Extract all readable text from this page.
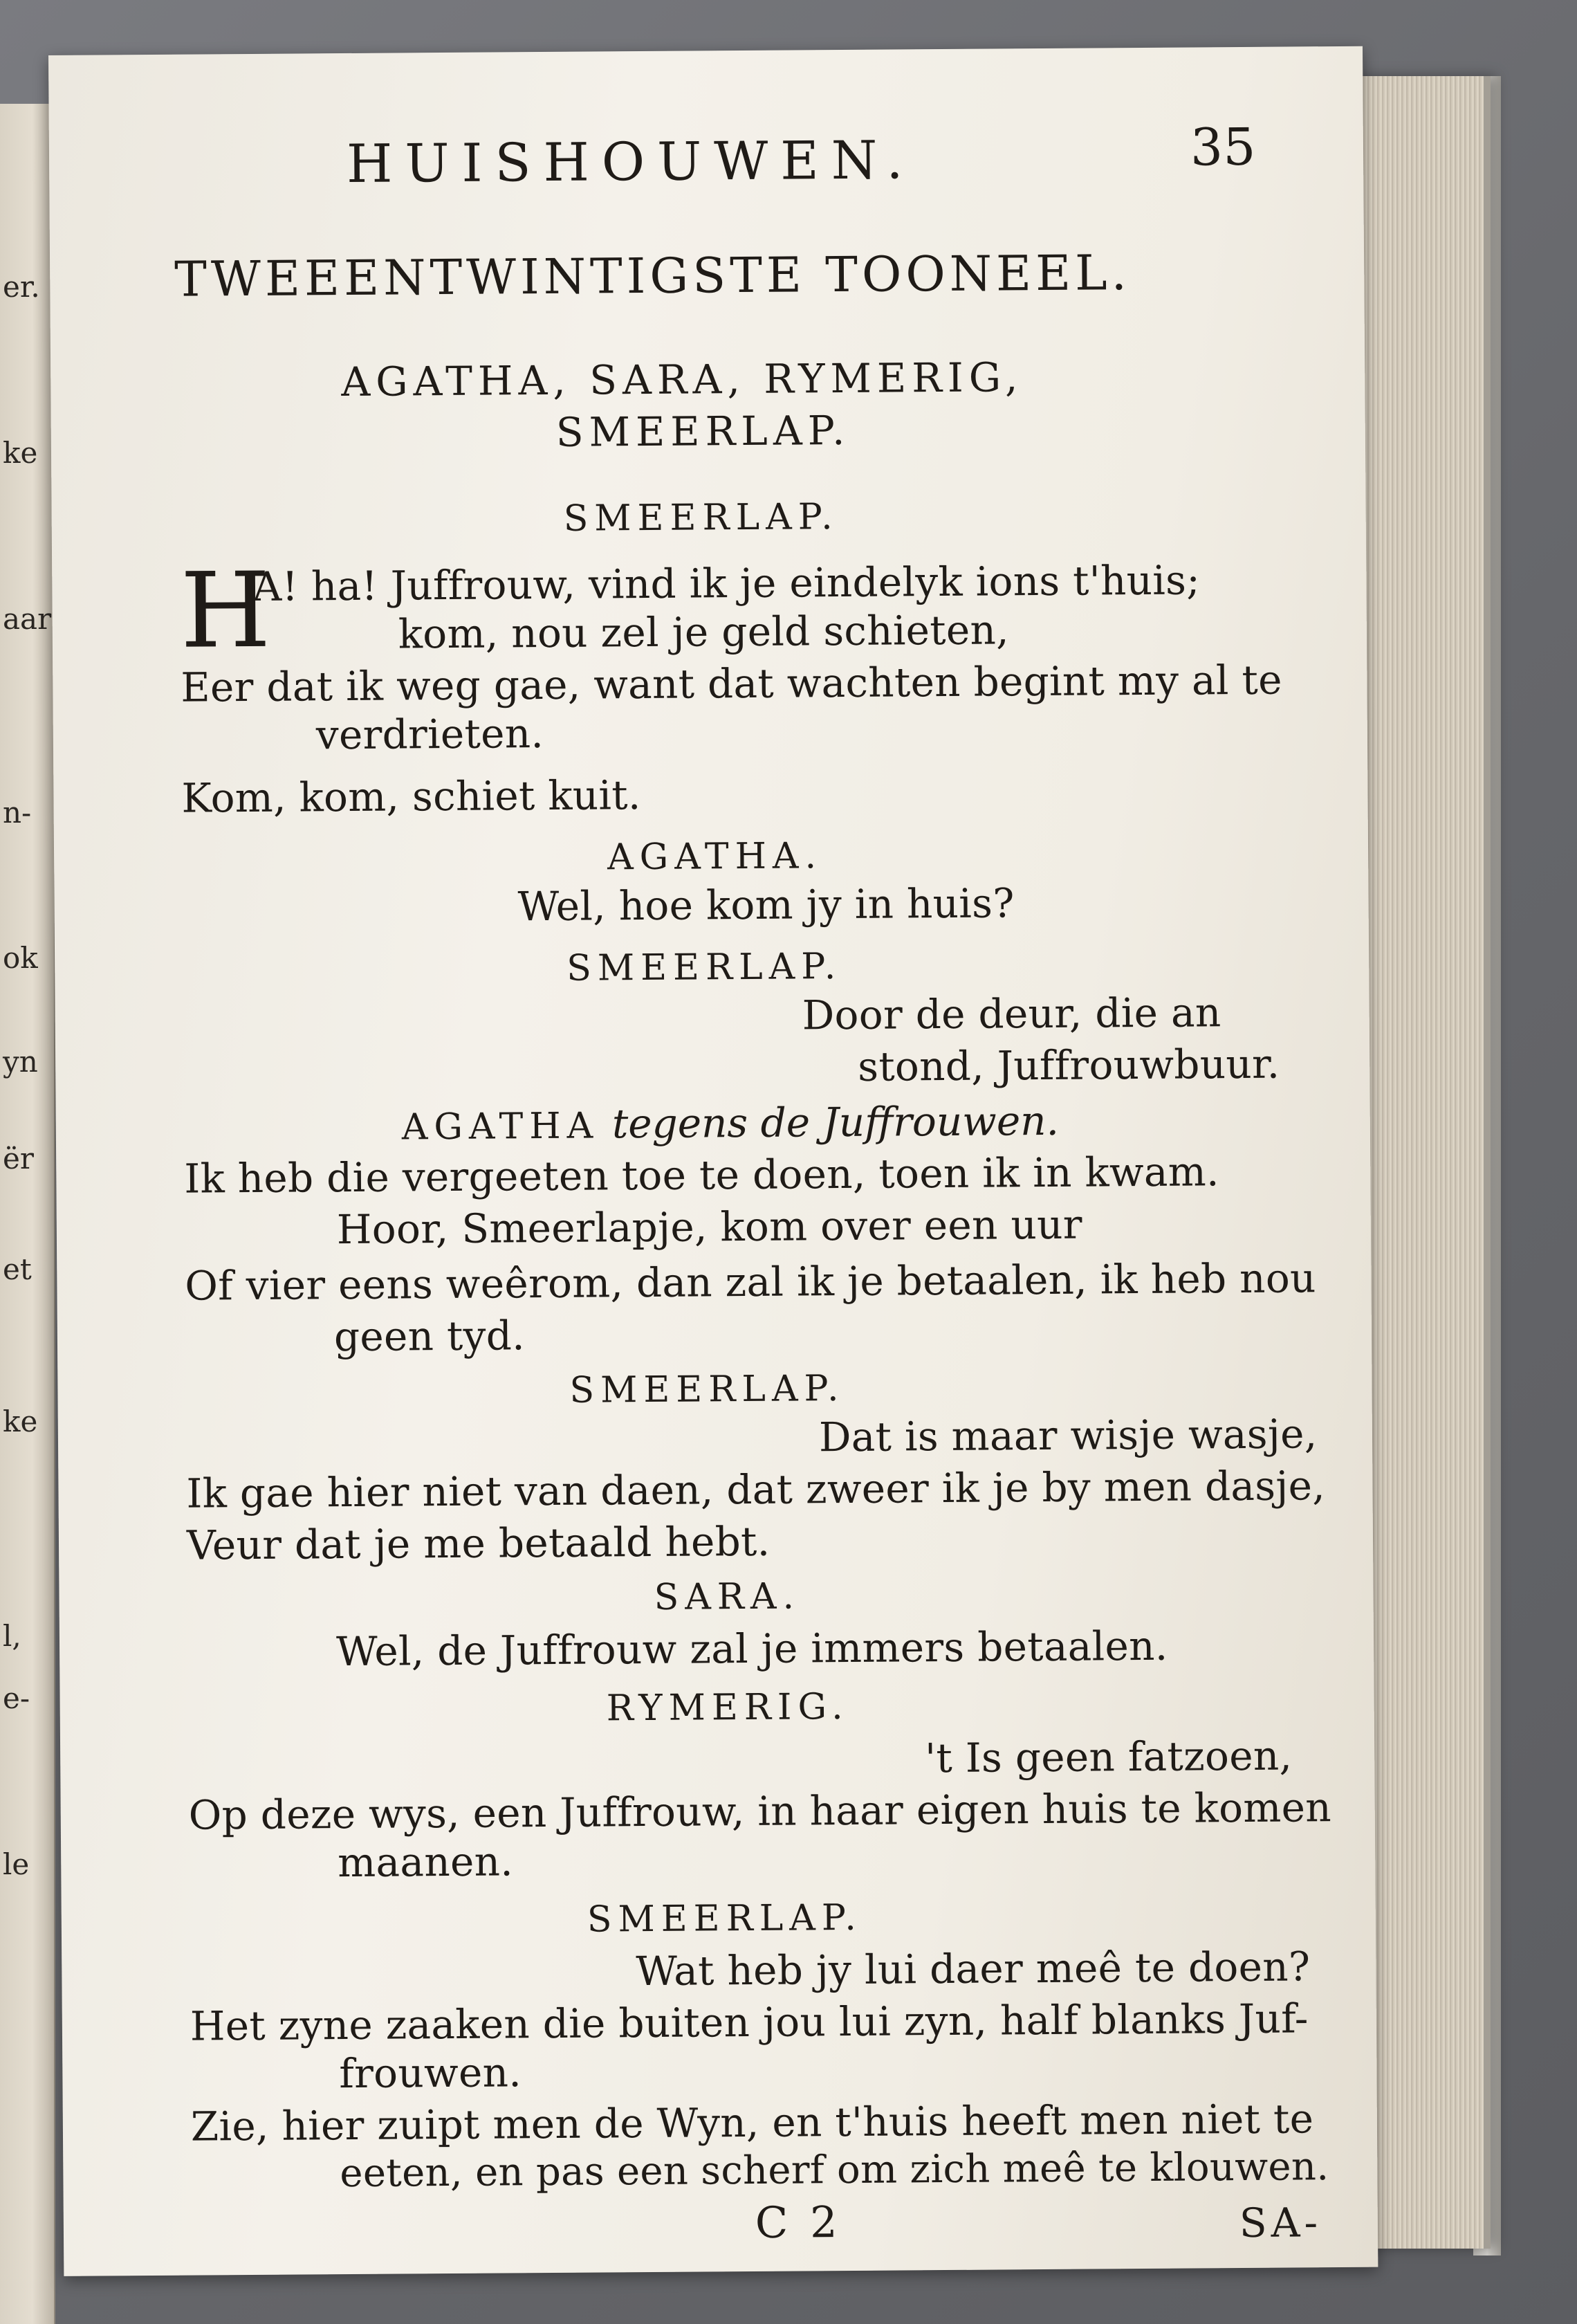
er.
ke
aar
n-
ok
yn
ër
et
ke
l,
e-
le

HUISHOUWEN.	35

TWEEENTWINTIGSTE TOONEEL.

AGATHA, SARA, RYMERIG,

SMEERLAP.

SMEERLAP.

H

A! ha! Juffrouw, vind ik je eindelyk ions t'huis;

kom, nou zel je geld schieten,

Eer dat ik weg gae, want dat wachten begint my al te

verdrieten.

Kom, kom, schiet kuit.

AGATHA.

Wel, hoe kom jy in huis?

SMEERLAP.

Door de deur, die an

stond, Juffrouwbuur.

AGATHA tegens de Juffrouwen.

Ik heb die vergeeten toe te doen, toen ik in kwam.

Hoor, Smeerlapje, kom over een uur

Of vier eens weêrom, dan zal ik je betaalen, ik heb nou

geen tyd.

SMEERLAP.

Dat is maar wisje wasje,

Ik gae hier niet van daen, dat zweer ik je by men dasje,

Veur dat je me betaald hebt.

SARA.

Wel, de Juffrouw zal je immers betaalen.

RYMERIG.

't Is geen fatzoen,

Op deze wys, een Juffrouw, in haar eigen huis te komen

maanen.

SMEERLAP.

Wat heb jy lui daer meê te doen?

Het zyne zaaken die buiten jou lui zyn, half blanks Juf-

frouwen.

Zie, hier zuipt men de Wyn, en t'huis heeft men niet te

eeten, en pas een scherf om zich meê te klouwen.

C 2	SA-
